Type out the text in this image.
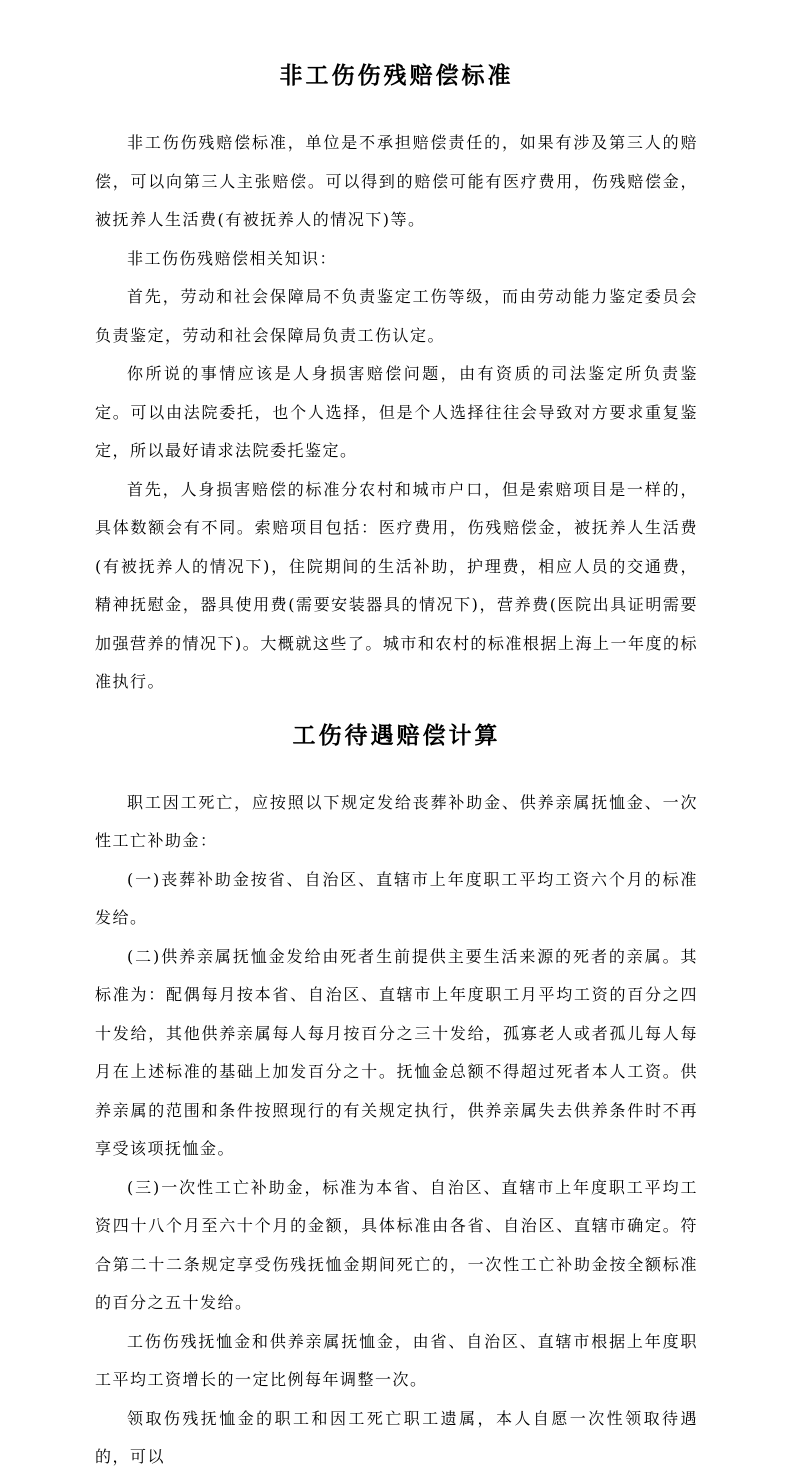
非工伤伤残赔偿标准

非工伤伤残赔偿标准，单位是不承担赔偿责任的，如果有涉及第三人的赔偿，可以向第三人主张赔偿。可以得到的赔偿可能有医疗费用，伤残赔偿金，被抚养人生活费(有被抚养人的情况下)等。

非工伤伤残赔偿相关知识：

首先，劳动和社会保障局不负责鉴定工伤等级，而由劳动能力鉴定委员会负责鉴定，劳动和社会保障局负责工伤认定。

你所说的事情应该是人身损害赔偿问题，由有资质的司法鉴定所负责鉴定。可以由法院委托，也个人选择，但是个人选择往往会导致对方要求重复鉴定，所以最好请求法院委托鉴定。

首先，人身损害赔偿的标准分农村和城市户口，但是索赔项目是一样的，具体数额会有不同。索赔项目包括：医疗费用，伤残赔偿金，被抚养人生活费(有被抚养人的情况下)，住院期间的生活补助，护理费，相应人员的交通费，精神抚慰金，器具使用费(需要安装器具的情况下)，营养费(医院出具证明需要加强营养的情况下)。大概就这些了。城市和农村的标准根据上海上一年度的标准执行。

工伤待遇赔偿计算

职工因工死亡，应按照以下规定发给丧葬补助金、供养亲属抚恤金、一次性工亡补助金：

(一)丧葬补助金按省、自治区、直辖市上年度职工平均工资六个月的标准发给。

(二)供养亲属抚恤金发给由死者生前提供主要生活来源的死者的亲属。其标准为：配偶每月按本省、自治区、直辖市上年度职工月平均工资的百分之四十发给，其他供养亲属每人每月按百分之三十发给，孤寡老人或者孤儿每人每月在上述标准的基础上加发百分之十。抚恤金总额不得超过死者本人工资。供养亲属的范围和条件按照现行的有关规定执行，供养亲属失去供养条件时不再享受该项抚恤金。

(三)一次性工亡补助金，标准为本省、自治区、直辖市上年度职工平均工资四十八个月至六十个月的金额，具体标准由各省、自治区、直辖市确定。符合第二十二条规定享受伤残抚恤金期间死亡的，一次性工亡补助金按全额标准的百分之五十发给。

工伤伤残抚恤金和供养亲属抚恤金，由省、自治区、直辖市根据上年度职工平均工资增长的一定比例每年调整一次。

领取伤残抚恤金的职工和因工死亡职工遗属，本人自愿一次性领取待遇的，可以
